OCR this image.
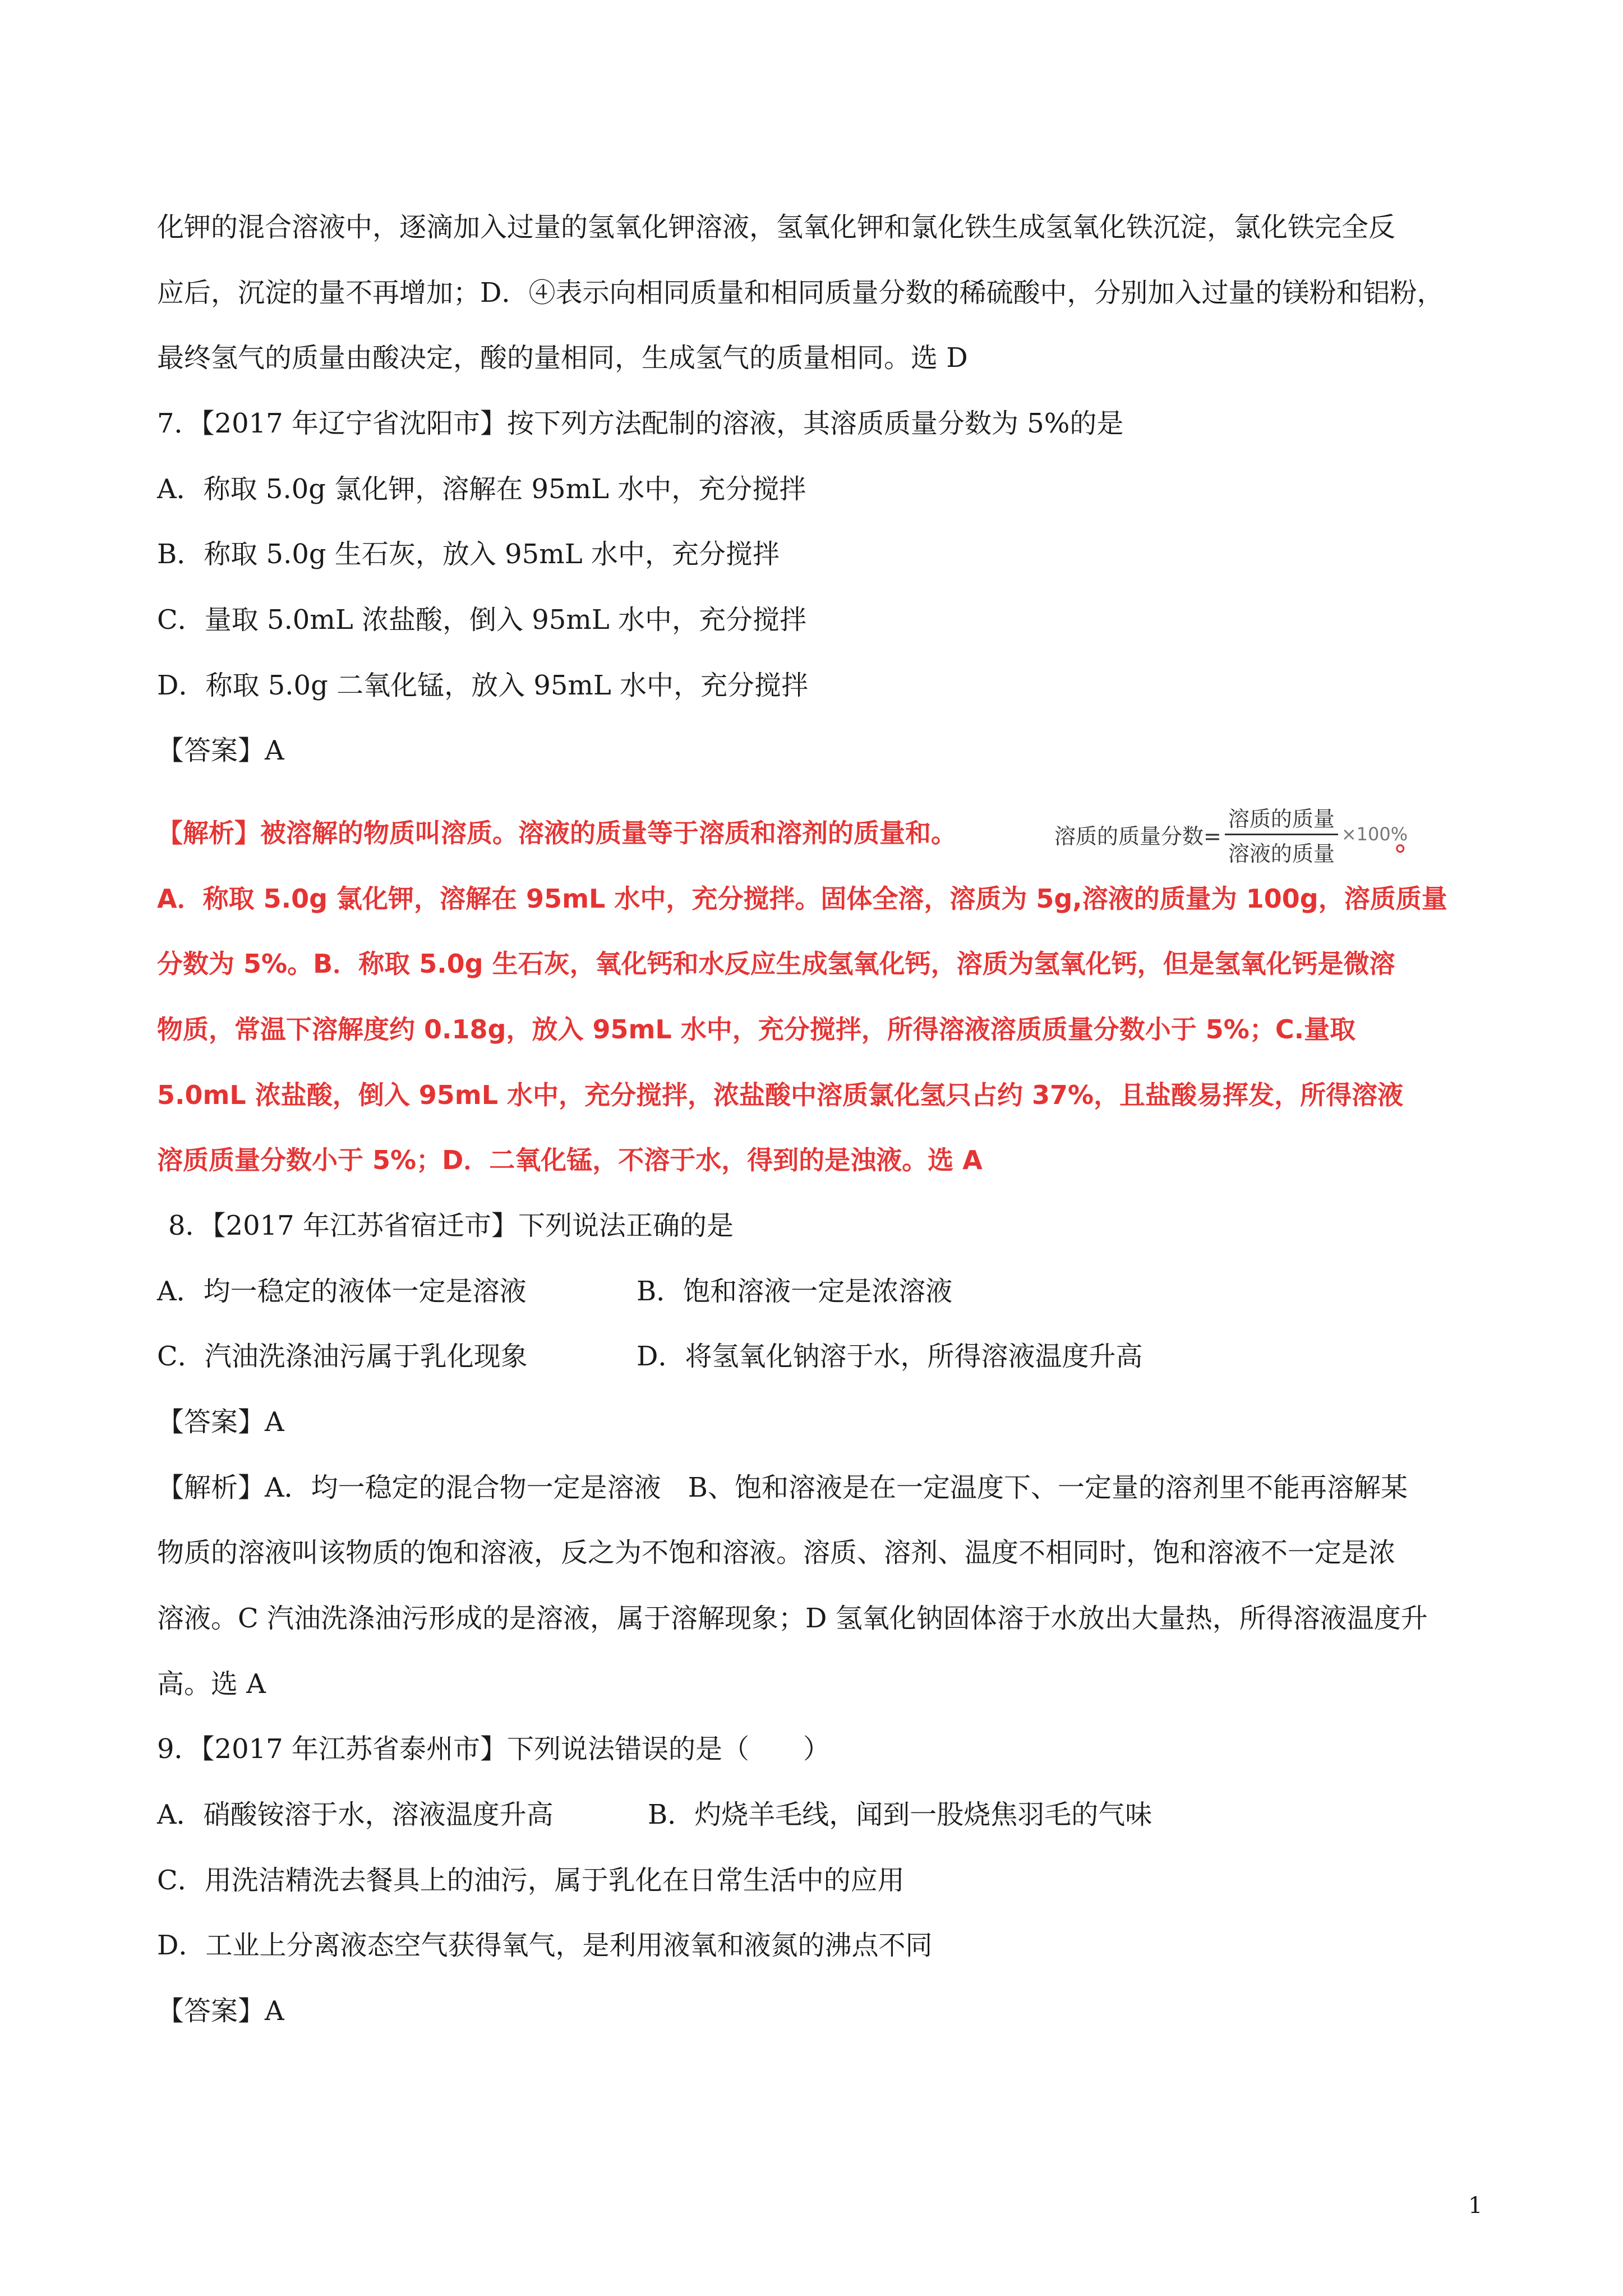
化钾的混合溶液中，逐滴加入过量的氢氧化钾溶液，氢氧化钾和氯化铁生成氢氧化铁沉淀，氯化铁完全反
应后，沉淀的量不再增加；D．④表示向相同质量和相同质量分数的稀硫酸中，分别加入过量的镁粉和铝粉，
最终氢气的质量由酸决定，酸的量相同，生成氢气的质量相同。选 D
7．【2017 年辽宁省沈阳市】按下列方法配制的溶液，其溶质质量分数为 5%的是
A．称取 5.0g 氯化钾，溶解在 95mL 水中，充分搅拌
B．称取 5.0g 生石灰，放入 95mL 水中，充分搅拌
C．量取 5.0mL 浓盐酸，倒入 95mL 水中，充分搅拌
D．称取 5.0g 二氧化锰，放入 95mL 水中，充分搅拌
【答案】A
【解析】被溶解的物质叫溶质。溶液的质量等于溶质和溶剂的质量和。	溶质的质量分数= $\frac{\text{溶质的质量}}{\text{溶液的质量}} \times 100\%$
。
A．称取 5.0g 氯化钾，溶解在 95mL 水中，充分搅拌。固体全溶，溶质为 5g,溶液的质量为 100g，溶质质量
分数为 5%。B．称取 5.0g 生石灰，氧化钙和水反应生成氢氧化钙，溶质为氢氧化钙，但是氢氧化钙是微溶
物质，常温下溶解度约 0.18g，放入 95mL 水中，充分搅拌，所得溶液溶质质量分数小于 5%；C.量取
5.0mL 浓盐酸，倒入 95mL 水中，充分搅拌，浓盐酸中溶质氯化氢只占约 37%，且盐酸易挥发，所得溶液
溶质质量分数小于 5%；D．二氧化锰，不溶于水，得到的是浊液。选 A
8．【2017 年江苏省宿迁市】下列说法正确的是
A．均一稳定的液体一定是溶液	B．饱和溶液一定是浓溶液
C．汽油洗涤油污属于乳化现象	D．将氢氧化钠溶于水，所得溶液温度升高
【答案】A
【解析】A．均一稳定的混合物一定是溶液　B、饱和溶液是在一定温度下、一定量的溶剂里不能再溶解某
物质的溶液叫该物质的饱和溶液，反之为不饱和溶液。溶质、溶剂、温度不相同时，饱和溶液不一定是浓
溶液。C 汽油洗涤油污形成的是溶液，属于溶解现象；D 氢氧化钠固体溶于水放出大量热，所得溶液温度升
高。选 A
9．【2017 年江苏省泰州市】下列说法错误的是（　　）
A．硝酸铵溶于水，溶液温度升高	B．灼烧羊毛线，闻到一股烧焦羽毛的气味
C．用洗洁精洗去餐具上的油污，属于乳化在日常生活中的应用
D．工业上分离液态空气获得氧气，是利用液氧和液氮的沸点不同
【答案】A
1
